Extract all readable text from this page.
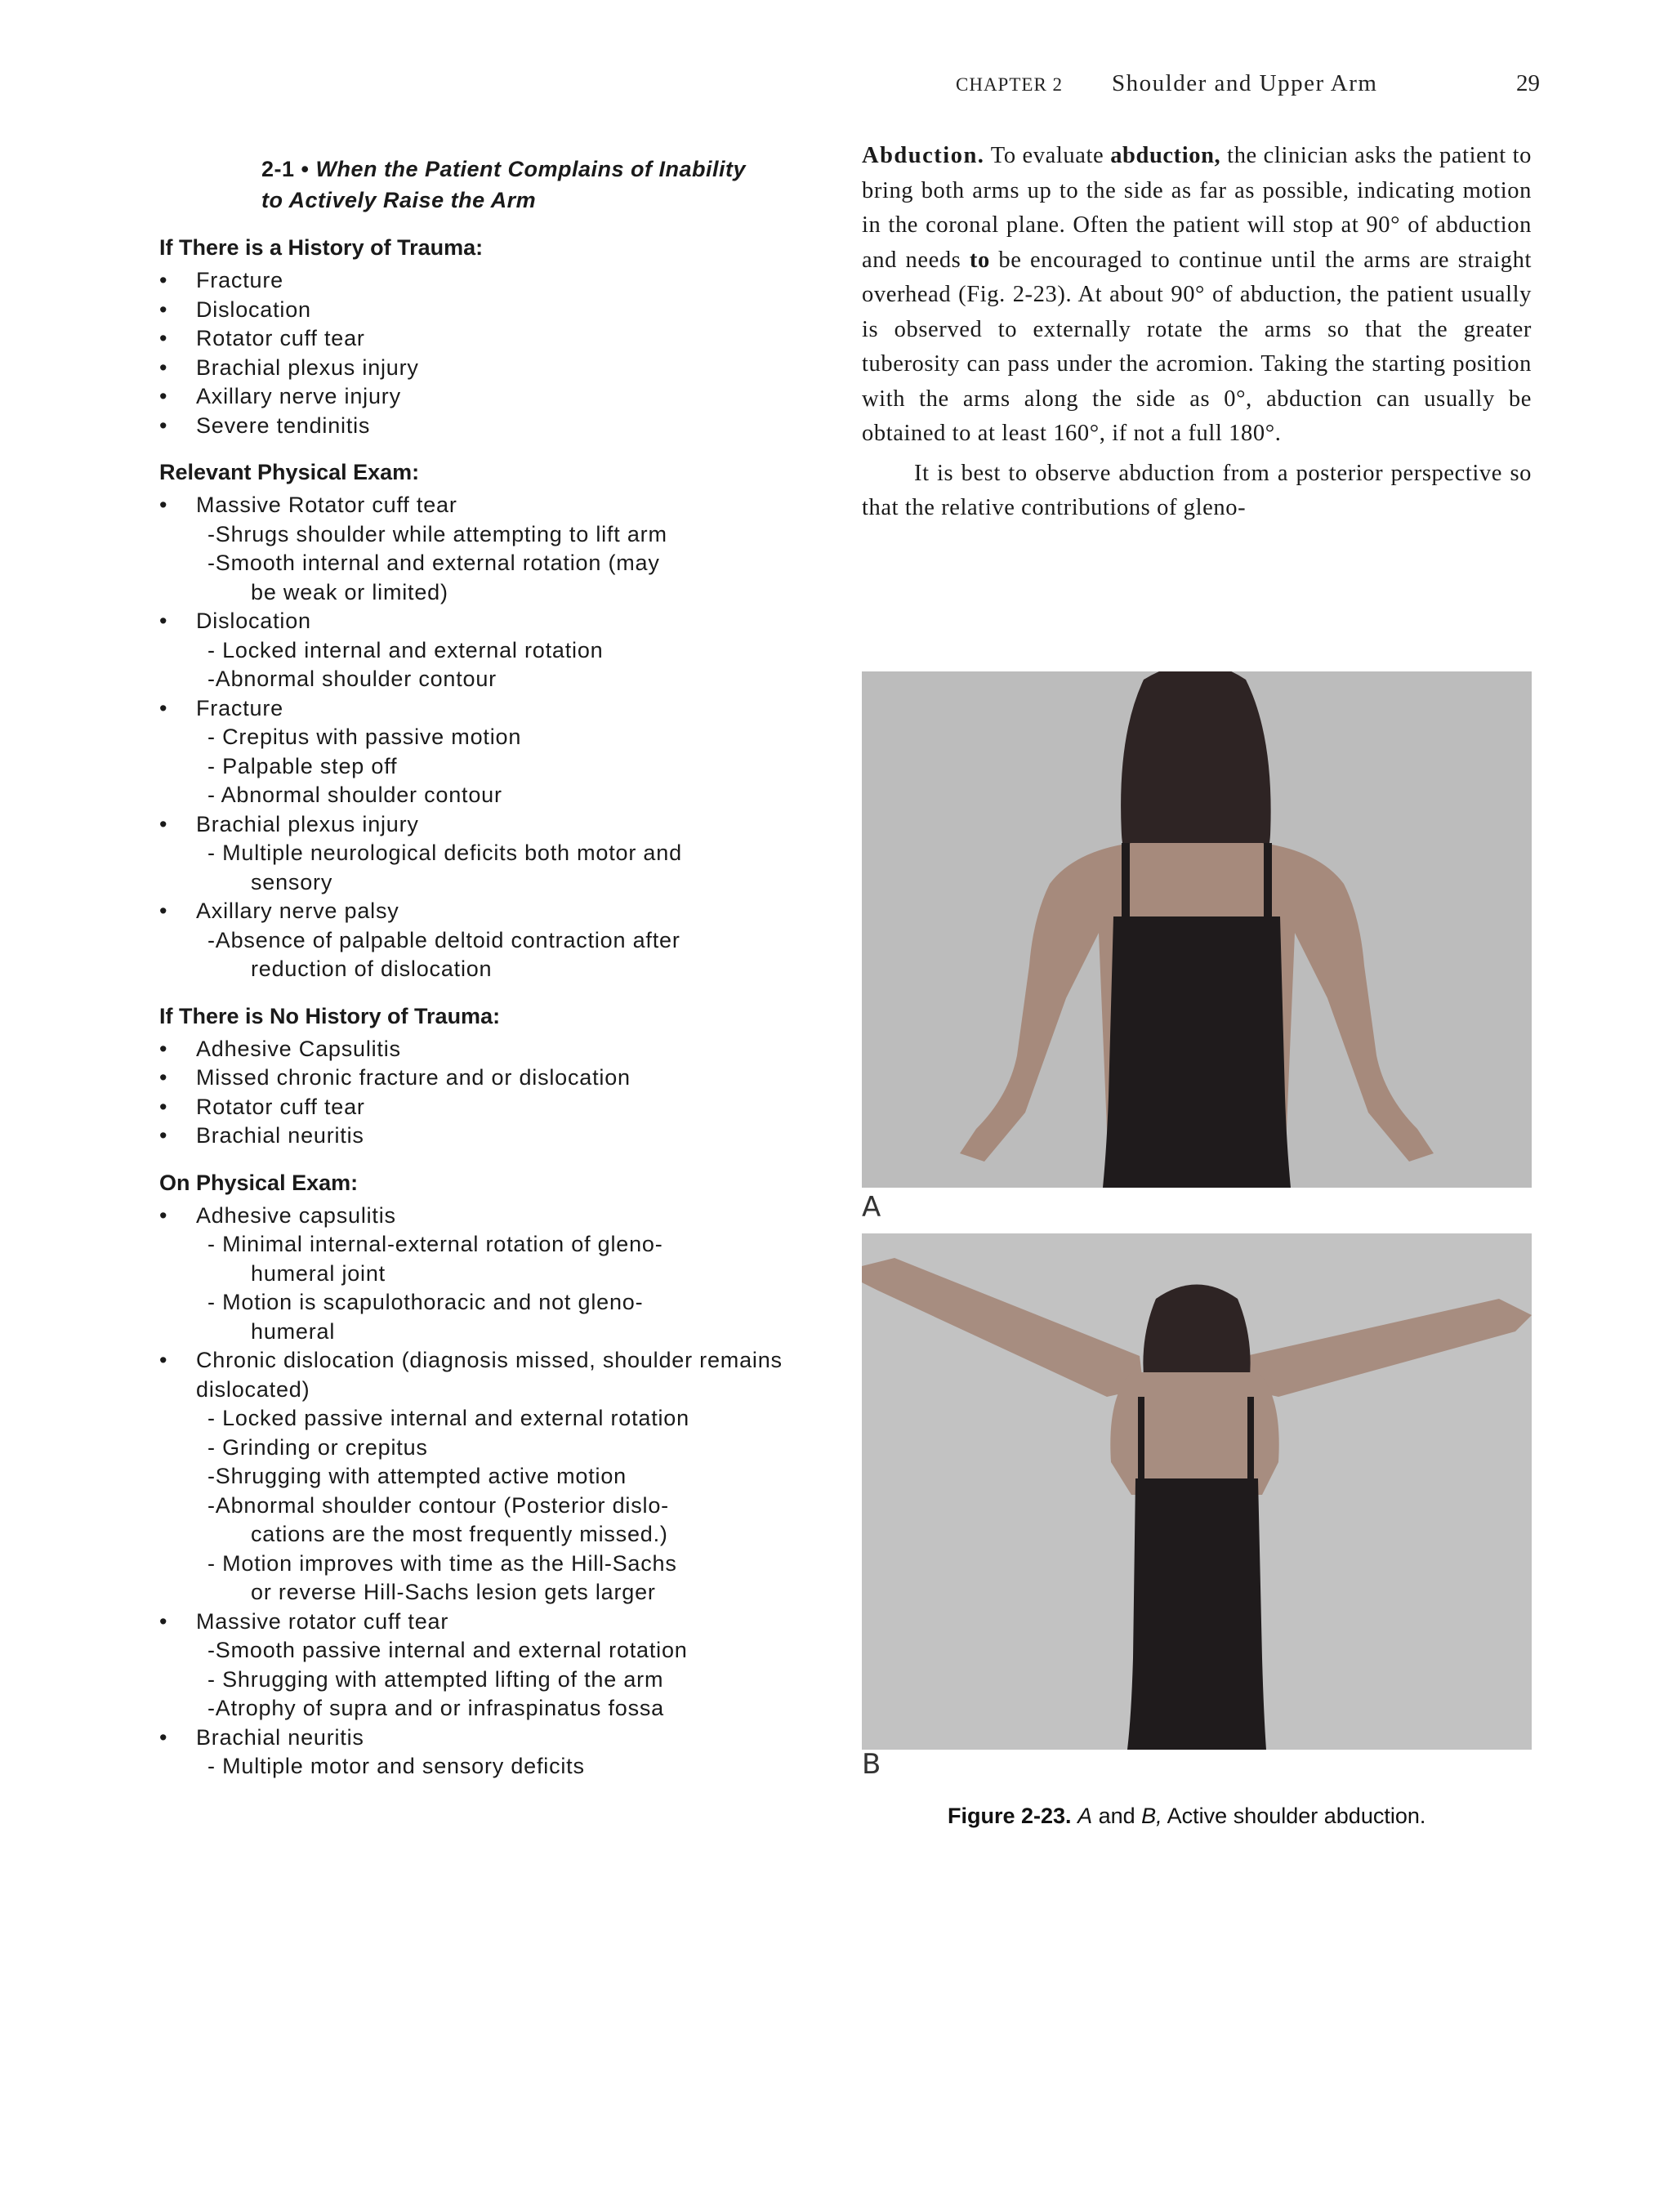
CHAPTER 2 Shoulder and Upper Arm	29
2-1 • When the Patient Complains of Inability to Actively Raise the Arm
If There is a History of Trauma:
• Fracture
• Dislocation
• Rotator cuff tear
• Brachial plexus injury
• Axillary nerve injury
• Severe tendinitis
Relevant Physical Exam:
• Massive Rotator cuff tear
-Shrugs shoulder while attempting to lift arm
-Smooth internal and external rotation (may
be weak or limited)
• Dislocation
- Locked internal and external rotation
-Abnormal shoulder contour
• Fracture
- Crepitus with passive motion
- Palpable step off
- Abnormal shoulder contour
• Brachial plexus injury
- Multiple neurological deficits both motor and
sensory
• Axillary nerve palsy
-Absence of palpable deltoid contraction after
reduction of dislocation
If There is No History of Trauma:
• Adhesive Capsulitis
• Missed chronic fracture and or dislocation
• Rotator cuff tear
• Brachial neuritis
On Physical Exam:
• Adhesive capsulitis
- Minimal internal-external rotation of gleno-
humeral joint
- Motion is scapulothoracic and not gleno-
humeral
• Chronic dislocation (diagnosis missed, shoulder remains dislocated)
- Locked passive internal and external rotation
- Grinding or crepitus
-Shrugging with attempted active motion
-Abnormal shoulder contour (Posterior dislo-
cations are the most frequently missed.)
- Motion improves with time as the Hill-Sachs
or reverse Hill-Sachs lesion gets larger
• Massive rotator cuff tear
-Smooth passive internal and external rotation
- Shrugging with attempted lifting of the arm
-Atrophy of supra and or infraspinatus fossa
• Brachial neuritis
- Multiple motor and sensory deficits

Abduction. To evaluate abduction, the clinician asks the patient to bring both arms up to the side as far as possible, indicating motion in the coronal plane. Often the patient will stop at 90° of abduction and needs to be encouraged to continue until the arms are straight overhead (Fig. 2-23). At about 90° of abduction, the patient usually is observed to externally rotate the arms so that the greater tuberosity can pass under the acromion. Taking the starting position with the arms along the side as 0°, abduction can usually be obtained to at least 160°, if not a full 180°.

It is best to observe abduction from a posterior perspective so that the relative contributions of gleno-

A
B
Figure 2-23. A and B, Active shoulder abduction.
